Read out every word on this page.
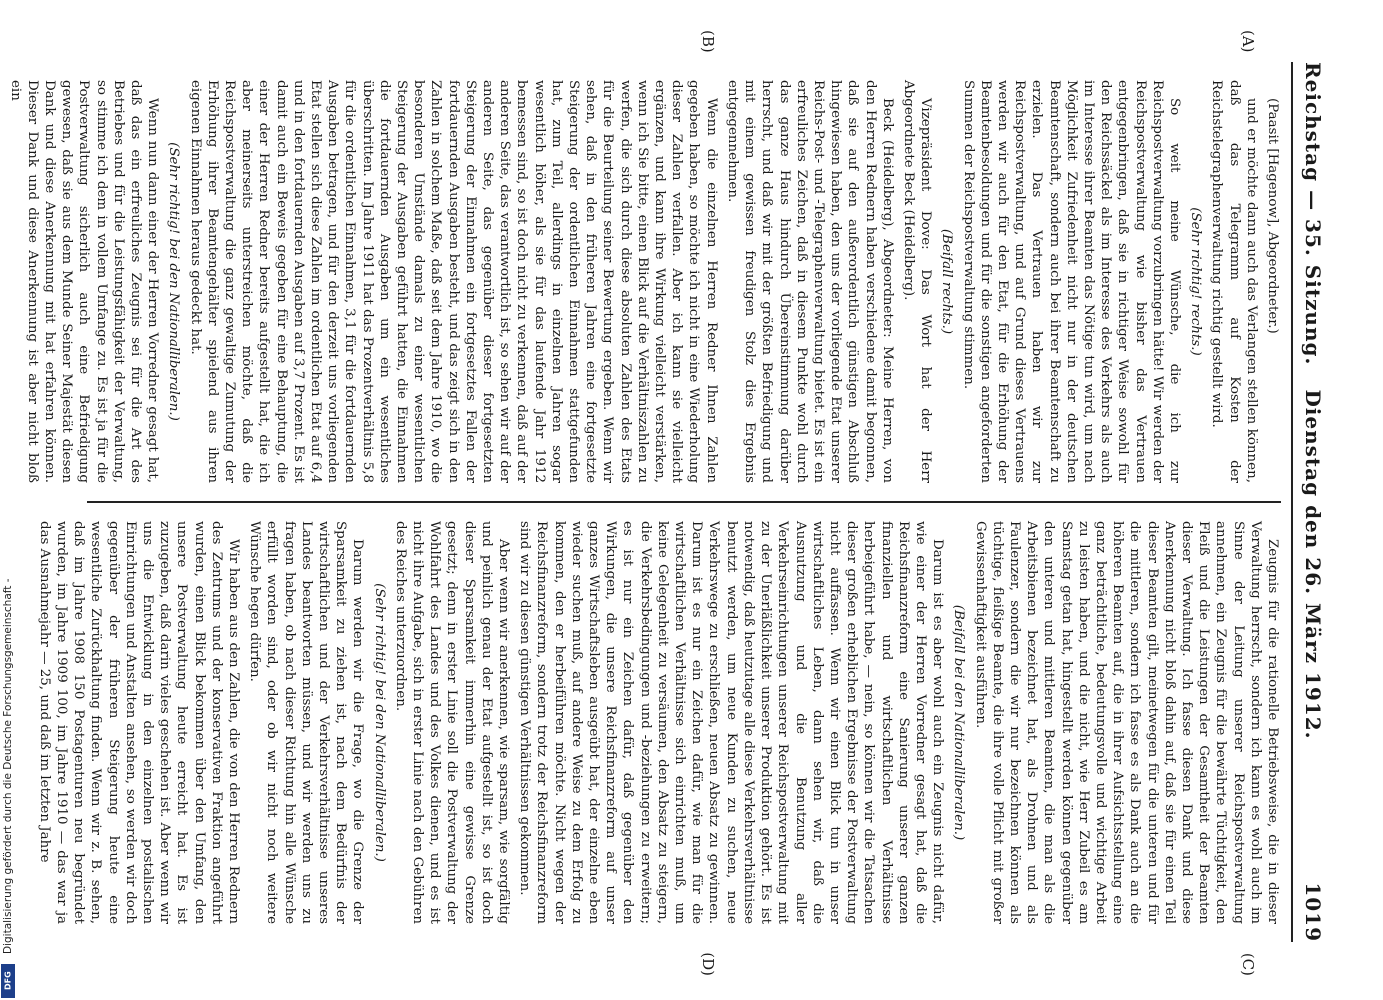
Reichstag — 35. Sitzung.
Dienstag den 26. März 1912.
1019
(A)
(B)
(C)
(D)

(Paasit [Hagenow], Abgeordneter.)

und er möchte dann auch das Verlangen stellen können, daß das Telegramm auf Kosten der Reichstelegraphenverwaltung richtig gestellt wird.

(Sehr richtig! rechts.)

So weit meine Wünsche, die ich zur Reichspostverwaltung vorzubringen hätte! Wir werden der Reichspostverwaltung wie bisher das Vertrauen entgegenbringen, daß sie in richtiger Weise sowohl für den Reichssäckel als im Interesse des Verkehrs als auch im Interesse ihrer Beamten das Nötige tun wird, um nach Möglichkeit Zufriedenheit nicht nur in der deutschen Beamtenschaft, sondern auch bei ihrer Beamtenschaft zu erzielen. Das Vertrauen haben wir zur Reichspostverwaltung, und auf Grund dieses Vertrauens werden wir auch für den Etat, für die Erhöhung der Beamtenbesoldungen und für die sonstigen angeforderten Summen der Reichspostverwaltung stimmen.

(Beifall rechts.)

Vizepräsident Dove: Das Wort hat der Herr Abgeordnete Beck (Heidelberg).

Beck (Heidelberg), Abgeordneter: Meine Herren, von den Herren Rednern haben verschiedene damit begonnen, daß sie auf den außerordentlich günstigen Abschluß hingewiesen haben, den uns der vorliegende Etat unserer Reichs-Post- und -Telegraphenverwaltung bietet. Es ist ein erfreuliches Zeichen, daß in diesem Punkte wohl durch das ganze Haus hindurch Übereinstimmung darüber herrscht, und daß wir mit der größten Befriedigung und mit einem gewissen freudigen Stolz dies Ergebnis entgegennehmen.

Wenn die einzelnen Herren Redner Ihnen Zahlen gegeben haben, so möchte ich nicht in eine Wiederholung dieser Zahlen verfallen. Aber ich kann sie vielleicht ergänzen, und kann ihre Wirkung vielleicht verstärken, wenn ich Sie bitte, einen Blick auf die Verhältniszahlen zu werfen, die sich durch diese absoluten Zahlen des Etats für die Beurteilung seiner Bewertung ergeben. Wenn wir sehen, daß in den früheren Jahren eine fortgesetzte Steigerung der ordentlichen Einnahmen stattgefunden hat, zum Teil, allerdings in einzelnen Jahren sogar wesentlich höher, als sie für das laufende Jahr 1912 bemessen sind, so ist doch nicht zu verkennen, daß auf der anderen Seite, das verantwortlich ist, so sehen wir auf der anderen Seite, das gegenüber dieser fortgesetzten Steigerung der Einnahmen ein fortgesetztes Fallen der fortdauernden Ausgaben besteht, und das zeigt sich in den Zahlen in solchem Maße, daß seit dem Jahre 1910, wo die besonderen Umstände damals zu einer wesentlichen Steigerung der Ausgaben geführt hatten, die Einnahmen die fortdauernden Ausgaben um ein wesentliches überschritten. Im Jahre 1911 hat das Prozentverhältnis 5,8 für die ordentlichen Einnahmen, 3,1 für die fortdauernden Ausgaben betragen, und für den derzeit uns vorliegenden Etat stellen sich diese Zahlen im ordentlichen Etat auf 6,4 und in den fortdauernden Ausgaben auf 3,7 Prozent. Es ist damit auch ein Beweis gegeben für eine Behauptung, die einer der Herren Redner bereits aufgestellt hat, die ich aber meinerseits unterstreichen möchte, daß die Reichspostverwaltung die ganz gewaltige Zumutung der Erhöhung ihrer Beamtengehälter spielend aus ihren eigenen Einnahmen heraus gedeckt hat.

(Sehr richtig! bei den Nationalliberalen.)

Wenn nun dann einer der Herren Vorredner gesagt hat, daß das ein erfreuliches Zeugnis sei für die Art des Betriebes und für die Leistungsfähigkeit der Verwaltung, so stimme ich dem in vollem Umfange zu. Es ist ja für die Postverwaltung sicherlich auch eine Befriedigung gewesen, daß sie aus dem Munde Seiner Majestät diesen Dank und diese Anerkennung mit hat erfahren können. Dieser Dank und diese Anerkennung ist aber nicht bloß ein

Zeugnis für die rationelle Betriebsweise, die in dieser Verwaltung herrscht, sondern ich kann es wohl auch im Sinne der Leitung unserer Reichspostverwaltung annehmen, ein Zeugnis für die bewährte Tüchtigkeit, den Fleiß und die Leistungen der Gesamtheit der Beamten dieser Verwaltung. Ich fasse diesen Dank und diese Anerkennung nicht bloß dahin auf, daß sie für einen Teil dieser Beamten gilt, meinetwegen für die unteren und für die mittleren, sondern ich fasse es als Dank auch an die höheren Beamten auf, die in ihrer Aufsichtsstellung eine ganz beträchtliche, bedeutungsvolle und wichtige Arbeit zu leisten haben, und die nicht, wie Herr Zubeil es am Samstag getan hat, hingestellt werden können gegenüber den unteren und mittleren Beamten, die man als die Arbeitsbienen bezeichnet hat, als Drohnen und als Faulenzer, sondern die wir nur bezeichnen können als tüchtige, fleißige Beamte, die ihre volle Pflicht mit großer Gewissenhaftigkeit ausführen.

(Beifall bei den Nationalliberalen.)

Darum ist es aber wohl auch ein Zeugnis nicht dafür, wie einer der Herren Vorredner gesagt hat, daß die Reichsfinanzreform eine Sanierung unserer ganzen finanziellen und wirtschaftlichen Verhältnisse herbeigeführt habe, — nein, so können wir die Tatsachen dieser großen erheblichen Ergebnisse der Postverwaltung nicht auffassen. Wenn wir einen Blick tun in unser wirtschaftliches Leben, dann sehen wir, daß die Ausnutzung und die Benutzung aller Verkehrseinrichtungen unserer Reichspostverwaltung mit zu der Unerläßlichkeit unserer Produktion gehört. Es ist notwendig, daß heutzutage alle diese Verkehrsverhältnisse benutzt werden, um neue Kunden zu suchen, neue Verkehrswege zu erschließen, neuen Absatz zu gewinnen. Darum ist es nur ein Zeichen dafür, wie man für die wirtschaftlichen Verhältnisse sich einrichten muß, um keine Gelegenheit zu versäumen, den Absatz zu steigern, die Verkehrsbedingungen und -beziehungen zu erweitern; es ist nur ein Zeichen dafür, daß gegenüber den Wirkungen, die unsere Reichsfinanzreform auf unser ganzes Wirtschaftsleben ausgeübt hat, der einzelne eben wieder suchen muß, auf andere Weise zu dem Erfolg zu kommen, den er herbeiführen möchte. Nicht wegen der Reichsfinanzreform, sondern trotz der Reichsfinanzreform sind wir zu diesen günstigen Verhältnissen gekommen.

Aber wenn wir anerkennen, wie sparsam, wie sorgfältig und peinlich genau der Etat aufgestellt ist, so ist doch dieser Sparsamkeit immerhin eine gewisse Grenze gesetzt; denn in erster Linie soll die Postverwaltung der Wohlfahrt des Landes und des Volkes dienen, und es ist nicht ihre Aufgabe, sich in erster Linie nach den Gebühren des Reiches unterzuordnen.

(Sehr richtig! bei den Nationalliberalen.)

Darum werden wir die Frage, wo die Grenze der Sparsamkeit zu ziehen ist, nach dem Bedürfnis der wirtschaftlichen und der Verkehrsverhältnisse unseres Landes beantworten müssen, und wir werden uns zu fragen haben, ob nach dieser Richtung hin alle Wünsche erfüllt worden sind, oder ob wir nicht noch weitere Wünsche hegen dürfen.

Wir haben aus den Zahlen, die von den Herren Rednern des Zentrums und der konservativen Fraktion angeführt wurden, einen Blick bekommen über den Umfang, den unsere Postverwaltung heute erreicht hat. Es ist zuzugeben, daß darin vieles geschehen ist. Aber wenn wir uns die Entwicklung in den einzelnen postalischen Einrichtungen und Anstalten ansehen, so werden wir doch gegenüber der früheren Steigerung heute eine wesentliche Zurückhaltung finden. Wenn wir z. B. sehen, daß im Jahre 1908 150 Postagenturen neu begründet wurden, im Jahre 1909 100, im Jahre 1910 — das war ja das Ausnahmejahr — 25, und daß im letzten Jahre

Digitalisierung gefördert durch die Deutsche Forschungsgemeinschaft -
DFG
